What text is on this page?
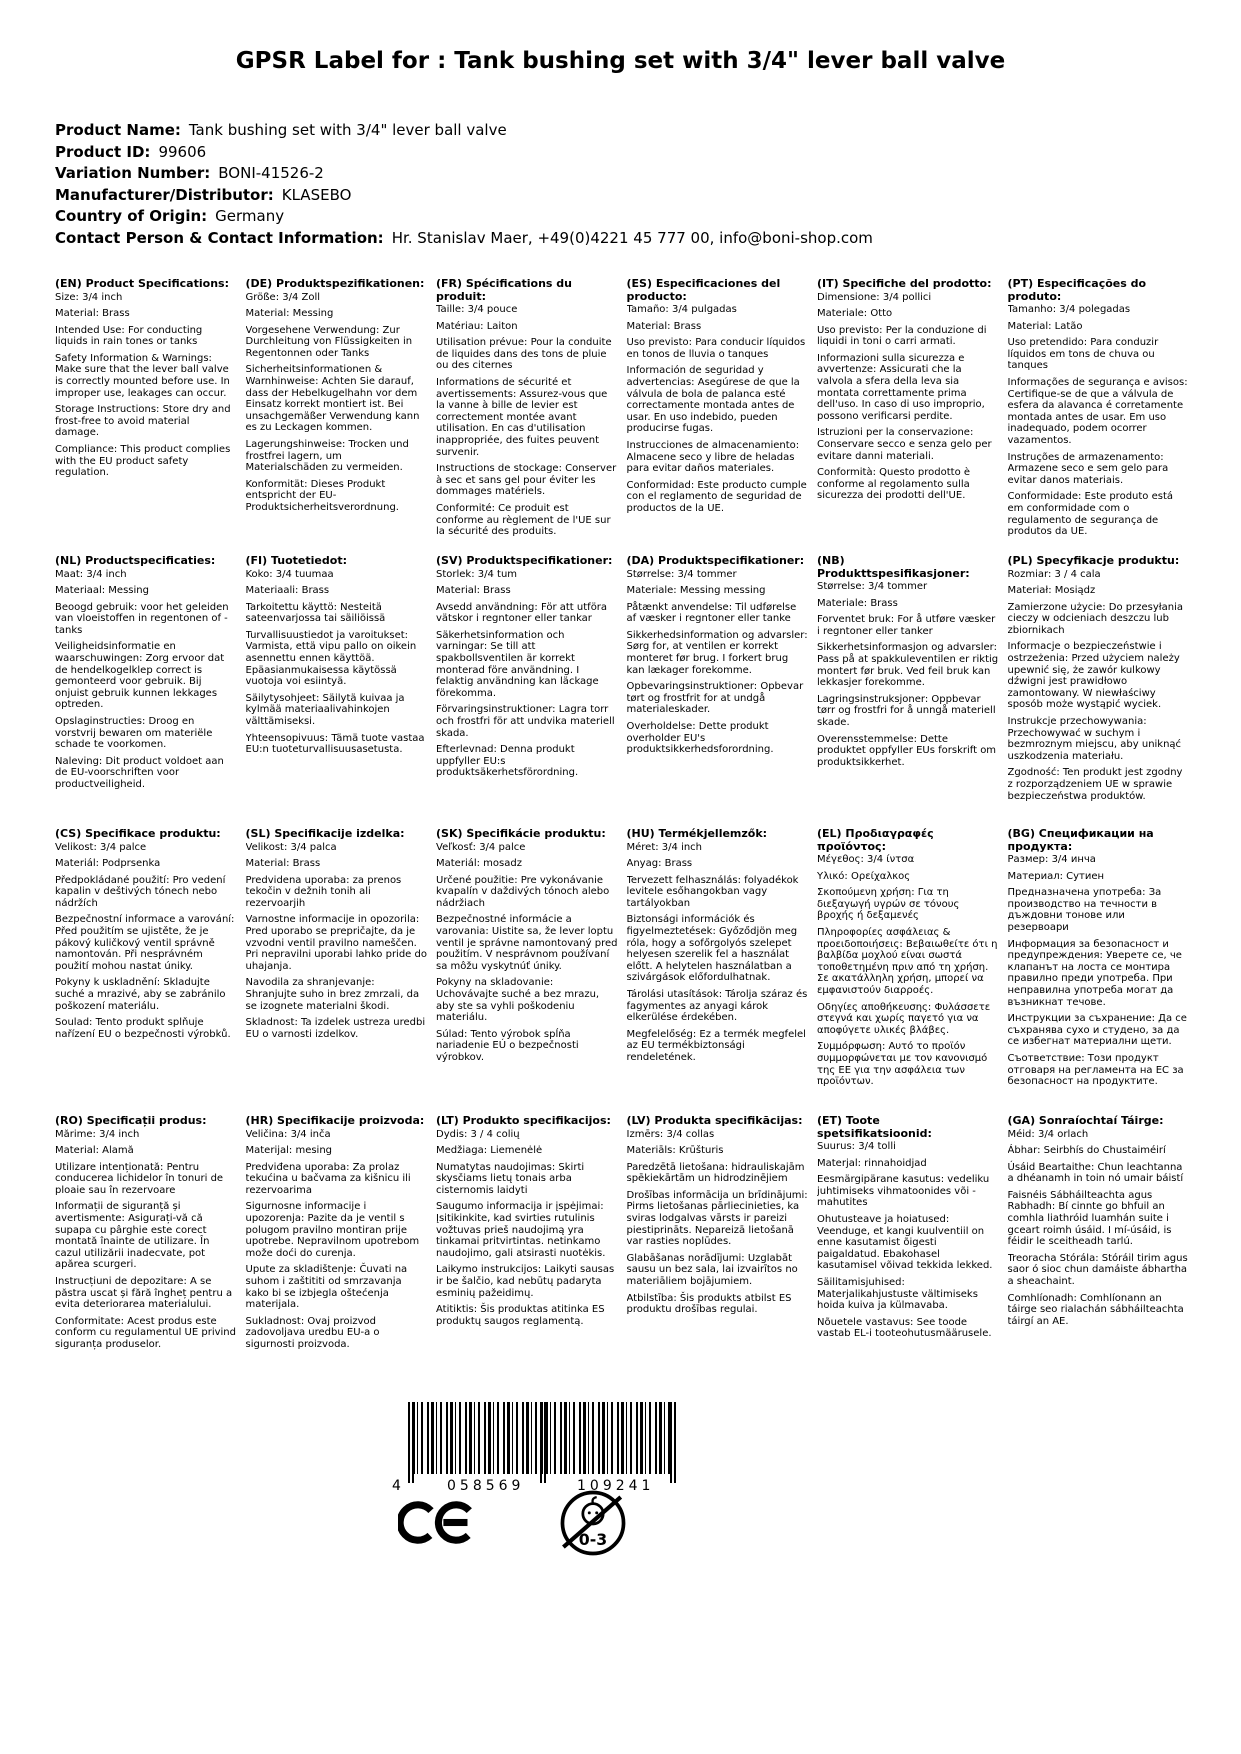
GPSR Label for : Tank bushing set with 3/4" lever ball valve
Product Name: Tank bushing set with 3/4" lever ball valve
Product ID: 99606
Variation Number: BONI-41526-2
Manufacturer/Distributor: KLASEBO
Country of Origin: Germany
Contact Person & Contact Information: Hr. Stanislav Maer, +49(0)4221 45 777 00, info@boni-shop.com
(EN) Product Specifications:

Size: 3/4 inch

Material: Brass

Intended Use: For conducting liquids in rain tones or tanks

Safety Information & Warnings: Make sure that the lever ball valve is correctly mounted before use. In improper use, leakages can occur.

Storage Instructions: Store dry and frost-free to avoid material damage.

Compliance: This product complies with the EU product safety regulation.

(DE) Produktspezifikationen:

Größe: 3/4 Zoll

Material: Messing

Vorgesehene Verwendung: Zur Durchleitung von Flüssigkeiten in Regentonnen oder Tanks

Sicherheitsinformationen & Warnhinweise: Achten Sie darauf, dass der Hebelkugelhahn vor dem Einsatz korrekt montiert ist. Bei unsachgemäßer Verwendung kann es zu Leckagen kommen.

Lagerungshinweise: Trocken und frostfrei lagern, um Materialschäden zu vermeiden.

Konformität: Dieses Produkt entspricht der EU-Produktsicherheitsverordnung.

(FR) Spécifications du produit:

Taille: 3/4 pouce

Matériau: Laiton

Utilisation prévue: Pour la conduite de liquides dans des tons de pluie ou des citernes

Informations de sécurité et avertissements: Assurez-vous que la vanne à bille de levier est correctement montée avant utilisation. En cas d'utilisation inappropriée, des fuites peuvent survenir.

Instructions de stockage: Conserver à sec et sans gel pour éviter les dommages matériels.

Conformité: Ce produit est conforme au règlement de l'UE sur la sécurité des produits.

(ES) Especificaciones del producto:

Tamaño: 3/4 pulgadas

Material: Brass

Uso previsto: Para conducir líquidos en tonos de lluvia o tanques

Información de seguridad y advertencias: Asegúrese de que la válvula de bola de palanca esté correctamente montada antes de usar. En uso indebido, pueden producirse fugas.

Instrucciones de almacenamiento: Almacene seco y libre de heladas para evitar daños materiales.

Conformidad: Este producto cumple con el reglamento de seguridad de productos de la UE.

(IT) Specifiche del prodotto:

Dimensione: 3/4 pollici

Materiale: Otto

Uso previsto: Per la conduzione di liquidi in toni o carri armati.

Informazioni sulla sicurezza e avvertenze: Assicurati che la valvola a sfera della leva sia montata correttamente prima dell'uso. In caso di uso improprio, possono verificarsi perdite.

Istruzioni per la conservazione: Conservare secco e senza gelo per evitare danni materiali.

Conformità: Questo prodotto è conforme al regolamento sulla sicurezza dei prodotti dell'UE.

(PT) Especificações do produto:

Tamanho: 3/4 polegadas

Material: Latão

Uso pretendido: Para conduzir líquidos em tons de chuva ou tanques

Informações de segurança e avisos: Certifique-se de que a válvula de esfera da alavanca é corretamente montada antes de usar. Em uso inadequado, podem ocorrer vazamentos.

Instruções de armazenamento: Armazene seco e sem gelo para evitar danos materiais.

Conformidade: Este produto está em conformidade com o regulamento de segurança de produtos da UE.

(NL) Productspecificaties:

Maat: 3/4 inch

Materiaal: Messing

Beoogd gebruik: voor het geleiden van vloeistoffen in regentonen of -tanks

Veiligheidsinformatie en waarschuwingen: Zorg ervoor dat de hendelkogelklep correct is gemonteerd voor gebruik. Bij onjuist gebruik kunnen lekkages optreden.

Opslaginstructies: Droog en vorstvrij bewaren om materiële schade te voorkomen.

Naleving: Dit product voldoet aan de EU-voorschriften voor productveiligheid.

(FI) Tuotetiedot:

Koko: 3/4 tuumaa

Materiaali: Brass

Tarkoitettu käyttö: Nesteitä sateenvarjossa tai säiliöissä

Turvallisuustiedot ja varoitukset: Varmista, että vipu pallo on oikein asennettu ennen käyttöä. Epäasianmukaisessa käytössä vuotoja voi esiintyä.

Säilytysohjeet: Säilytä kuivaa ja kylmää materiaalivahinkojen välttämiseksi.

Yhteensopivuus: Tämä tuote vastaa EU:n tuoteturvallisuusasetusta.

(SV) Produktspecifikationer:

Storlek: 3/4 tum

Material: Brass

Avsedd användning: För att utföra vätskor i regntoner eller tankar

Säkerhetsinformation och varningar: Se till att spakbollsventilen är korrekt monterad före användning. I felaktig användning kan läckage förekomma.

Förvaringsinstruktioner: Lagra torr och frostfri för att undvika materiell skada.

Efterlevnad: Denna produkt uppfyller EU:s produktsäkerhetsförordning.

(DA) Produktspecifikationer:

Størrelse: 3/4 tommer

Materiale: Messing messing

Påtænkt anvendelse: Til udførelse af væsker i regntoner eller tanke

Sikkerhedsinformation og advarsler: Sørg for, at ventilen er korrekt monteret før brug. I forkert brug kan lækager forekomme.

Opbevaringsinstruktioner: Opbevar tørt og frostfrit for at undgå materialeskader.

Overholdelse: Dette produkt overholder EU's produktsikkerhedsforordning.

(NB) Produkttspesifikasjoner:

Størrelse: 3/4 tommer

Materiale: Brass

Forventet bruk: For å utføre væsker i regntoner eller tanker

Sikkerhetsinformasjon og advarsler: Pass på at spakkuleventilen er riktig montert før bruk. Ved feil bruk kan lekkasjer forekomme.

Lagringsinstruksjoner: Oppbevar tørr og frostfri for å unngå materiell skade.

Overensstemmelse: Dette produktet oppfyller EUs forskrift om produktsikkerhet.

(PL) Specyfikacje produktu:

Rozmiar: 3 / 4 cala

Materiał: Mosiądz

Zamierzone użycie: Do przesyłania cieczy w odcieniach deszczu lub zbiornikach

Informacje o bezpieczeństwie i ostrzeżenia: Przed użyciem należy upewnić się, że zawór kulkowy dźwigni jest prawidłowo zamontowany. W niewłaściwy sposób może wystąpić wyciek.

Instrukcje przechowywania: Przechowywać w suchym i bezmroznym miejscu, aby uniknąć uszkodzenia materiału.

Zgodność: Ten produkt jest zgodny z rozporządzeniem UE w sprawie bezpieczeństwa produktów.

(CS) Specifikace produktu:

Velikost: 3/4 palce

Materiál: Podprsenka

Předpokládané použití: Pro vedení kapalin v deštivých tónech nebo nádržích

Bezpečnostní informace a varování: Před použitím se ujistěte, že je pákový kuličkový ventil správně namontován. Při nesprávném použití mohou nastat úniky.

Pokyny k uskladnění: Skladujte suché a mrazivé, aby se zabránilo poškození materiálu.

Soulad: Tento produkt splňuje nařízení EU o bezpečnosti výrobků.

(SL) Specifikacije izdelka:

Velikost: 3/4 palca

Material: Brass

Predvidena uporaba: za prenos tekočin v dežnih tonih ali rezervoarjih

Varnostne informacije in opozorila: Pred uporabo se prepričajte, da je vzvodni ventil pravilno nameščen. Pri nepravilni uporabi lahko pride do uhajanja.

Navodila za shranjevanje: Shranjujte suho in brez zmrzali, da se izognete materialni škodi.

Skladnost: Ta izdelek ustreza uredbi EU o varnosti izdelkov.

(SK) Špecifikácie produktu:

Veľkosť: 3/4 palce

Materiál: mosadz

Určené použitie: Pre vykonávanie kvapalín v daždivých tónoch alebo nádržiach

Bezpečnostné informácie a varovania: Uistite sa, že lever loptu ventil je správne namontovaný pred použitím. V nesprávnom používaní sa môžu vyskytnúť úniky.

Pokyny na skladovanie: Uchovávajte suché a bez mrazu, aby ste sa vyhli poškodeniu materiálu.

Súlad: Tento výrobok spĺňa nariadenie EÚ o bezpečnosti výrobkov.

(HU) Termékjellemzők:

Méret: 3/4 inch

Anyag: Brass

Tervezett felhasználás: folyadékok levitele esőhangokban vagy tartályokban

Biztonsági információk és figyelmeztetések: Győződjön meg róla, hogy a sofőrgolyós szelepet helyesen szerelik fel a használat előtt. A helytelen használatban a szivárgások előfordulhatnak.

Tárolási utasítások: Tárolja száraz és fagymentes az anyagi károk elkerülése érdekében.

Megfelelőség: Ez a termék megfelel az EU termékbiztonsági rendeletének.

(EL) Προδιαγραφές προϊόντος:

Μέγεθος: 3/4 ίντσα

Υλικό: Ορείχαλκος

Σκοπούμενη χρήση: Για τη διεξαγωγή υγρών σε τόνους βροχής ή δεξαμενές

Πληροφορίες ασφάλειας & προειδοποιήσεις: Βεβαιωθείτε ότι η βαλβίδα μοχλού είναι σωστά τοποθετημένη πριν από τη χρήση. Σε ακατάλληλη χρήση, μπορεί να εμφανιστούν διαρροές.

Οδηγίες αποθήκευσης: Φυλάσσετε στεγνά και χωρίς παγετό για να αποφύγετε υλικές βλάβες.

Συμμόρφωση: Αυτό το προϊόν συμμορφώνεται με τον κανονισμό της ΕΕ για την ασφάλεια των προϊόντων.

(BG) Спецификации на продукта:

Размер: 3/4 инча

Материал: Сутиен

Предназначена употреба: За производство на течности в дъждовни тонове или резервоари

Информация за безопасност и предупреждения: Уверете се, че клапанът на лоста се монтира правилно преди употреба. При неправилна употреба могат да възникнат течове.

Инструкции за съхранение: Да се съхранява сухо и студено, за да се избегнат материални щети.

Съответствие: Този продукт отговаря на регламента на ЕС за безопасност на продуктите.

(RO) Specificații produs:

Mărime: 3/4 inch

Material: Alamă

Utilizare intenționată: Pentru conducerea lichidelor în tonuri de ploaie sau în rezervoare

Informații de siguranță și avertismente: Asigurați-vă că supapa cu pârghie este corect montată înainte de utilizare. În cazul utilizării inadecvate, pot apărea scurgeri.

Instrucțiuni de depozitare: A se păstra uscat și fără îngheț pentru a evita deteriorarea materialului.

Conformitate: Acest produs este conform cu regulamentul UE privind siguranța produselor.

(HR) Specifikacije proizvoda:

Veličina: 3/4 inča

Materijal: mesing

Predviđena uporaba: Za prolaz tekućina u bačvama za kišnicu ili rezervoarima

Sigurnosne informacije i upozorenja: Pazite da je ventil s polugom pravilno montiran prije upotrebe. Nepravilnom upotrebom može doći do curenja.

Upute za skladištenje: Čuvati na suhom i zaštititi od smrzavanja kako bi se izbjegla oštećenja materijala.

Sukladnost: Ovaj proizvod zadovoljava uredbu EU-a o sigurnosti proizvoda.

(LT) Produkto specifikacijos:

Dydis: 3 / 4 colių

Medžiaga: Liemenėlė

Numatytas naudojimas: Skirti skysčiams lietų tonais arba cisternomis laidyti

Saugumo informacija ir įspėjimai: Įsitikinkite, kad svirties rutulinis vožtuvas prieš naudojimą yra tinkamai pritvirtintas. netinkamo naudojimo, gali atsirasti nuotėkis.

Laikymo instrukcijos: Laikyti sausas ir be šalčio, kad nebūtų padaryta esminių pažeidimų.

Atitiktis: Šis produktas atitinka ES produktų saugos reglamentą.

(LV) Produkta specifikācijas:

Izmērs: 3/4 collas

Materiāls: Krūšturis

Paredzētā lietošana: hidrauliskajām spēkiekārtām un hidrodzinējiem

Drošības informācija un brīdinājumi: Pirms lietošanas pārliecinieties, ka sviras lodgalvas vārsts ir pareizi piestiprināts. Nepareizā lietošanā var rasties noplūdes.

Glabāšanas norādījumi: Uzglabāt sausu un bez sala, lai izvairītos no materiāliem bojājumiem.

Atbilstība: Šis produkts atbilst ES produktu drošības regulai.

(ET) Toote spetsifikatsioonid:

Suurus: 3/4 tolli

Materjal: rinnahoidjad

Eesmärgipärane kasutus: vedeliku juhtimiseks vihmatoonides või -mahutites

Ohutusteave ja hoiatused: Veenduge, et kangi kuulventiil on enne kasutamist õigesti paigaldatud. Ebakohasel kasutamisel võivad tekkida lekked.

Säilitamisjuhised: Materjalikahjustuste vältimiseks hoida kuiva ja külmavaba.

Nõuetele vastavus: See toode vastab EL-i tooteohutusmäärusele.

(GA) Sonraíochtaí Táirge:

Méid: 3/4 orlach

Ábhar: Seirbhís do Chustaiméirí

Úsáid Beartaithe: Chun leachtanna a dhéanamh in toin nó umair báistí

Faisnéis Sábháilteachta agus Rabhadh: Bí cinnte go bhfuil an comhla liathróid luamhán suite i gceart roimh úsáid. I mí-úsáid, is féidir le sceitheadh tarlú.

Treoracha Stórála: Stóráil tirim agus saor ó sioc chun damáiste ábhartha a sheachaint.

Comhlíonadh: Comhlíonann an táirge seo rialachán sábháilteachta táirgí an AE.

4	058569	109241
0-3
